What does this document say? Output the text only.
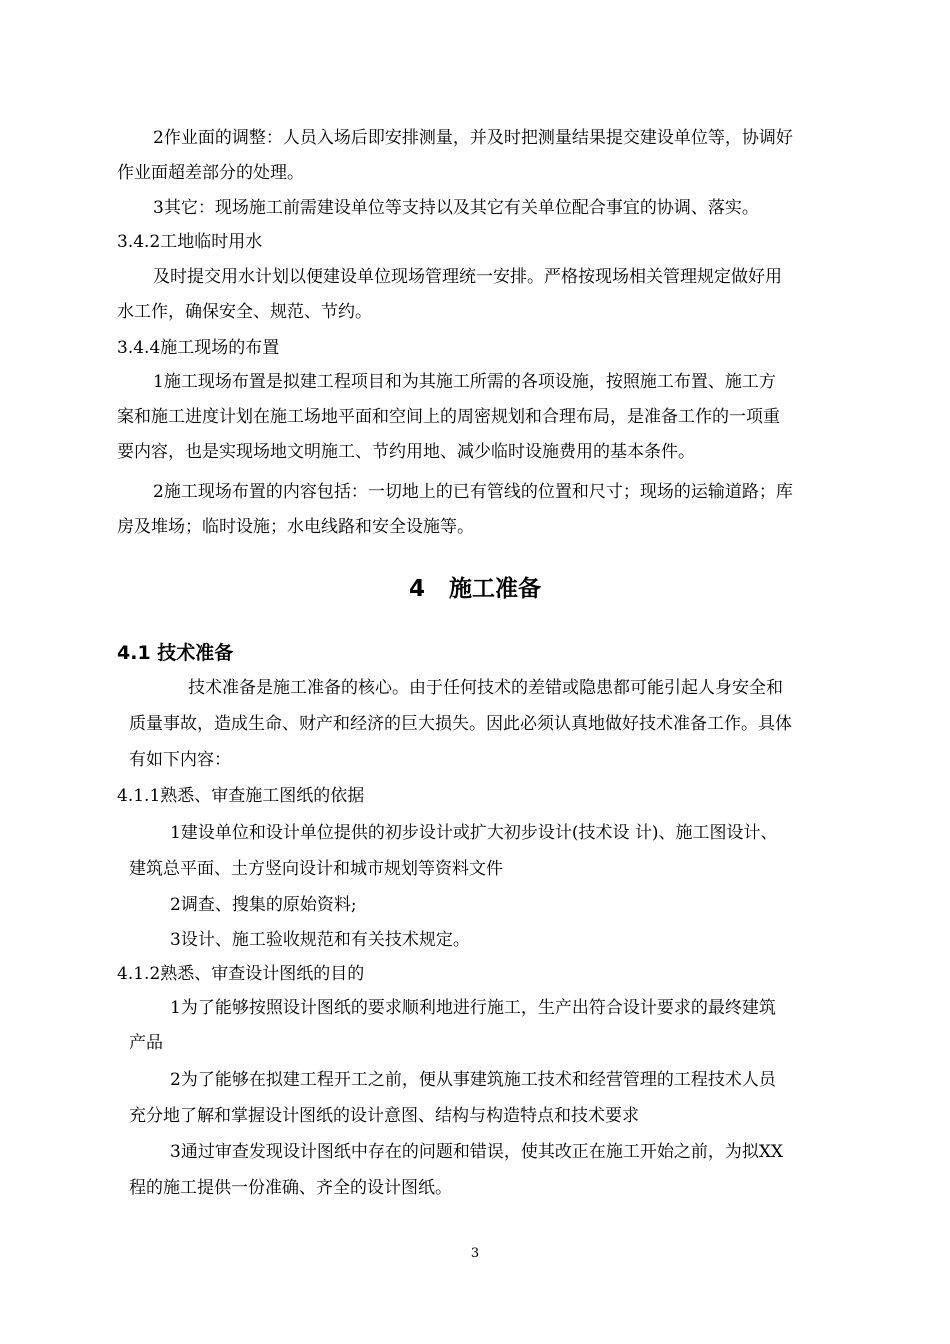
2作业面的调整：人员入场后即安排测量，并及时把测量结果提交建设单位等，协调好
作业面超差部分的处理。
3其它：现场施工前需建设单位等支持以及其它有关单位配合事宜的协调、落实。
3.4.2工地临时用水
及时提交用水计划以便建设单位现场管理统一安排。严格按现场相关管理规定做好用
水工作，确保安全、规范、节约。
3.4.4施工现场的布置
1施工现场布置是拟建工程项目和为其施工所需的各项设施，按照施工布置、施工方
案和施工进度计划在施工场地平面和空间上的周密规划和合理布局，是准备工作的一项重
要内容，也是实现场地文明施工、节约用地、减少临时设施费用的基本条件。
2施工现场布置的内容包括：一切地上的已有管线的位置和尺寸；现场的运输道路；库
房及堆场；临时设施；水电线路和安全设施等。
4   施工准备
4.1 技术准备
技术准备是施工准备的核心。由于任何技术的差错或隐患都可能引起人身安全和
质量事故，造成生命、财产和经济的巨大损失。因此必须认真地做好技术准备工作。具体
有如下内容：
4.1.1熟悉、审查施工图纸的依据
1建设单位和设计单位提供的初步设计或扩大初步设计(技术设 计)、施工图设计、
建筑总平面、土方竖向设计和城市规划等资料文件
2调查、搜集的原始资料;
3设计、施工验收规范和有关技术规定。
4.1.2熟悉、审查设计图纸的目的
1为了能够按照设计图纸的要求顺利地进行施工，生产出符合设计要求的最终建筑
产品
2为了能够在拟建工程开工之前，便从事建筑施工技术和经营管理的工程技术人员
充分地了解和掌握设计图纸的设计意图、结构与构造特点和技术要求
3通过审查发现设计图纸中存在的问题和错误，使其改正在施工开始之前，为拟XX
程的施工提供一份准确、齐全的设计图纸。
3
